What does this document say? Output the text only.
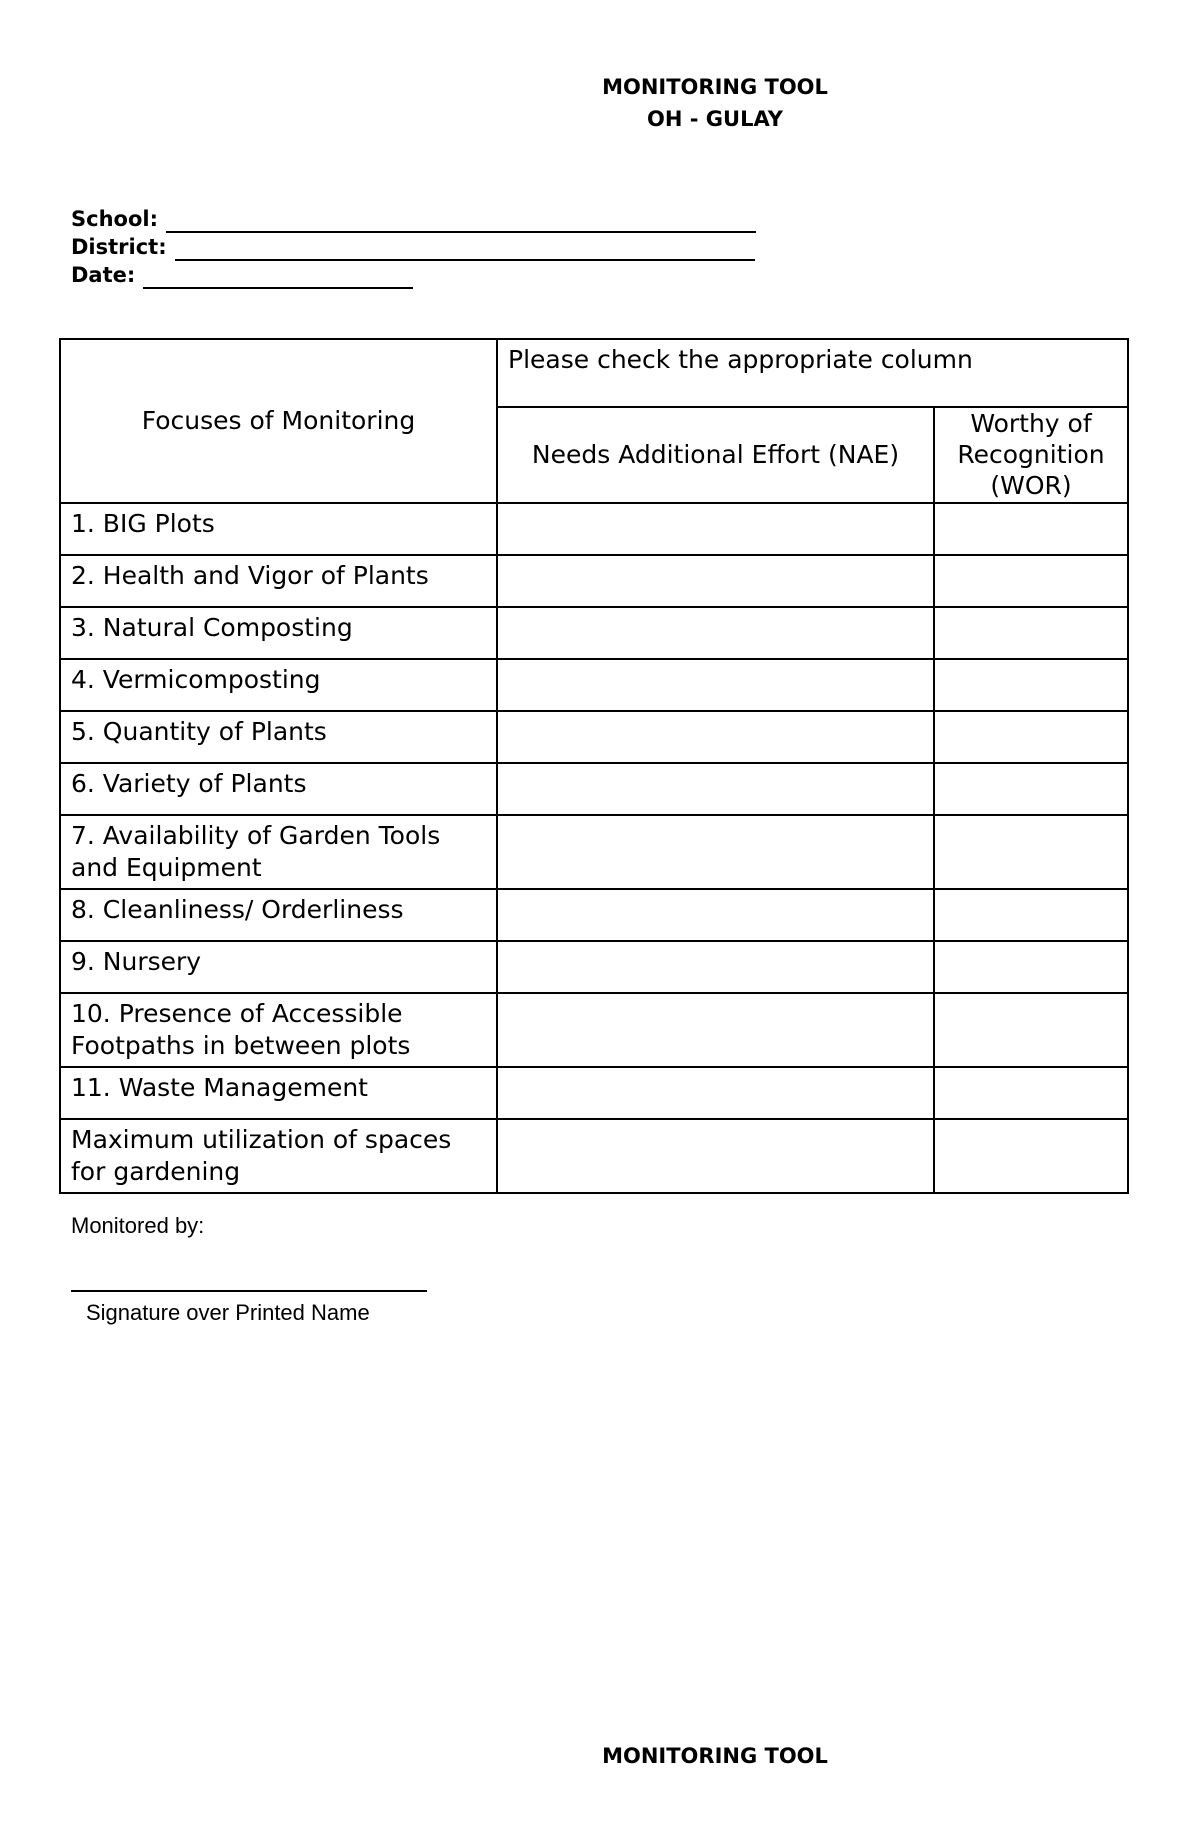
MONITORING TOOL
OH - GULAY
School:
District:
Date:
Focuses of Monitoring	Please check the appropriate column	
	Needs Additional Effort (NAE)	Worthy of
Recognition
(WOR)

1. BIG Plots		
2. Health and Vigor of Plants		
3. Natural Composting		
4. Vermicomposting		
5. Quantity of Plants		
6. Variety of Plants		
7. Availability of Garden Tools and Equipment		
8. Cleanliness/ Orderliness		
9. Nursery		
10. Presence of Accessible Footpaths in between plots		
11. Waste Management		
Maximum utilization of spaces for gardening		
Monitored by:
Signature over Printed Name
MONITORING TOOL
